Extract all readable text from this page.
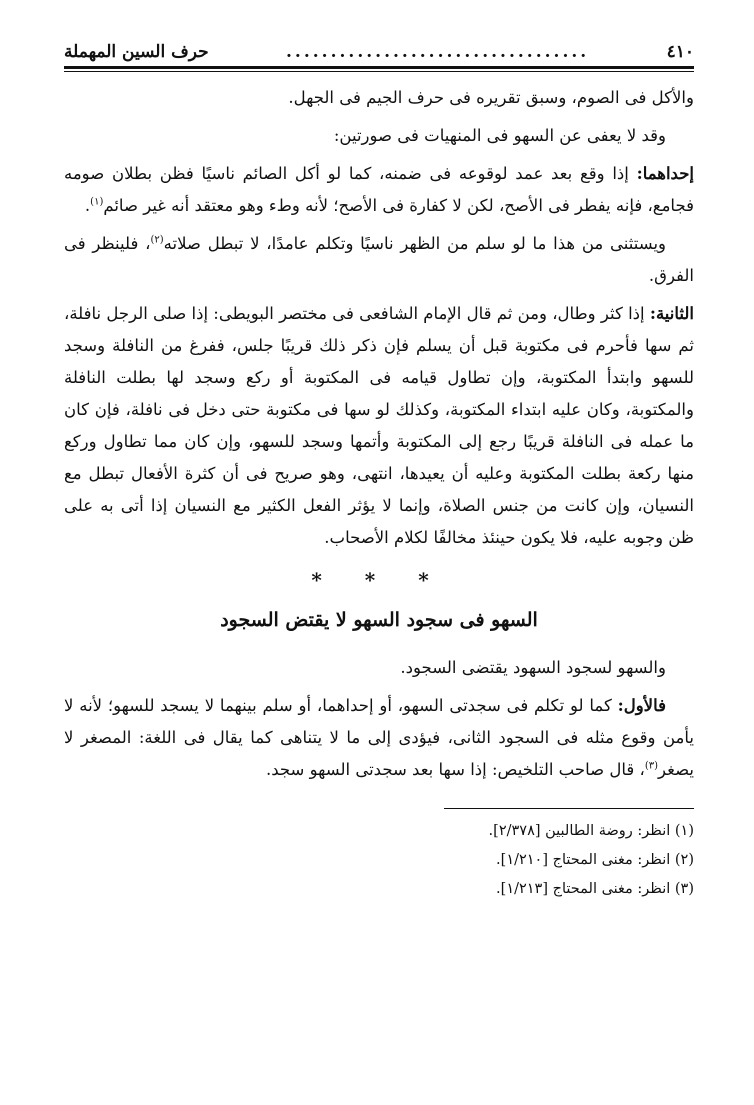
٤١٠
..................................
حرف السين المهملة

والأكل فى الصوم، وسبق تقريره فى حرف الجيم فى الجهل.

وقد لا يعفى عن السهو فى المنهيات فى صورتين:

إحداهما: إذا وقع بعد عمد لوقوعه فى ضمنه، كما لو أكل الصائم ناسيًا فظن بطلان صومه فجامع، فإنه يفطر فى الأصح، لكن لا كفارة فى الأصح؛ لأنه وطء وهو معتقد أنه غير صائم$^{(١)}$.

ويستثنى من هذا ما لو سلم من الظهر ناسيًا وتكلم عامدًا، لا تبطل صلاته$^{(٢)}$، فلينظر فى الفرق.

الثانية: إذا كثر وطال، ومن ثم قال الإمام الشافعى فى مختصر البويطى: إذا صلى الرجل نافلة، ثم سها فأحرم فى مكتوبة قبل أن يسلم فإن ذكر ذلك قريبًا جلس، ففرغ من النافلة وسجد للسهو وابتدأ المكتوبة، وإن تطاول قيامه فى المكتوبة أو ركع وسجد لها بطلت النافلة والمكتوبة، وكان عليه ابتداء المكتوبة، وكذلك لو سها فى مكتوبة حتى دخل فى نافلة، فإن كان ما عمله فى النافلة قريبًا رجع إلى المكتوبة وأتمها وسجد للسهو، وإن كان مما تطاول وركع منها ركعة بطلت المكتوبة وعليه أن يعيدها، انتهى، وهو صريح فى أن كثرة الأفعال تبطل مع النسيان، وإن كانت من جنس الصلاة، وإنما لا يؤثر الفعل الكثير مع النسيان إذا أتى به على ظن وجوبه عليه، فلا يكون حينئذ مخالفًا لكلام الأصحاب.

* * *
السهو فى سجود السهو لا يقتض السجود

والسهو لسجود السهود يقتضى السجود.

فالأول: كما لو تكلم فى سجدتى السهو، أو إحداهما، أو سلم بينهما لا يسجد للسهو؛ لأنه لا يأمن وقوع مثله فى السجود الثانى، فيؤدى إلى ما لا يتناهى كما يقال فى اللغة: المصغر لا يصغر$^{(٣)}$، قال صاحب التلخيص: إذا سها بعد سجدتى السهو سجد.

(١) انظر: روضة الطالبين [٢/٣٧٨].
(٢) انظر: مغنى المحتاج [١/٢١٠].
(٣) انظر: مغنى المحتاج [١/٢١٣].
